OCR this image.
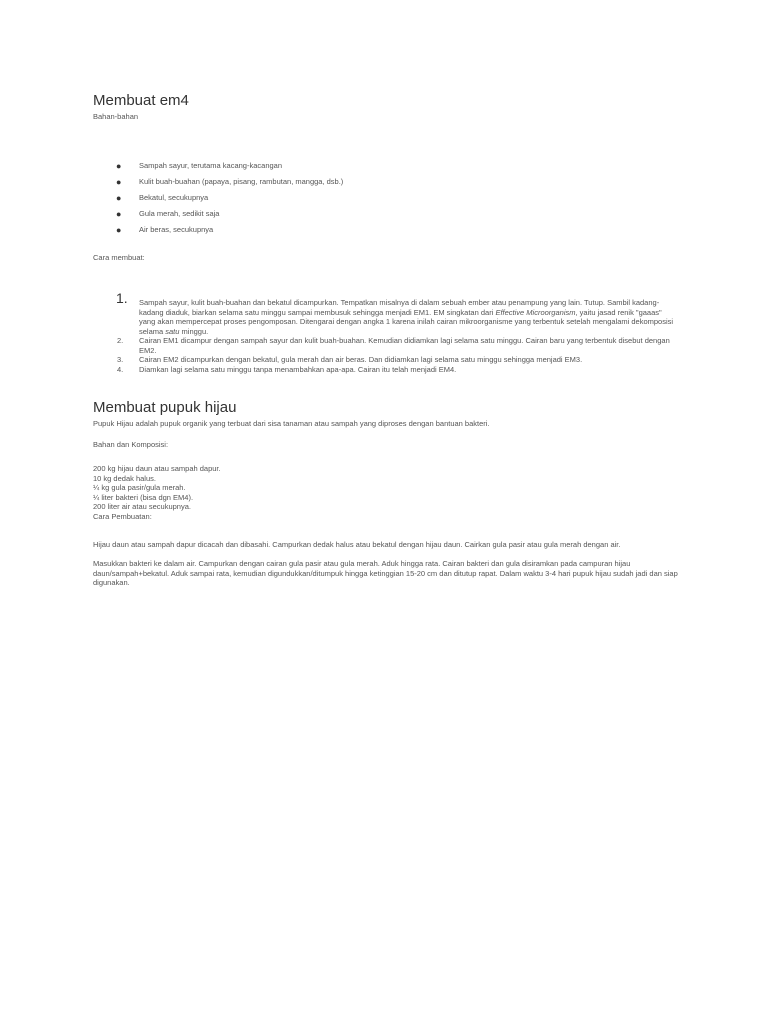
Membuat em4
Bahan-bahan
● Sampah sayur, terutama kacang-kacangan
● Kulit buah-buahan (papaya, pisang, rambutan, mangga, dsb.)
● Bekatul, secukupnya
● Gula merah, sedikit saja
● Air beras, secukupnya
Cara membuat:
1. Sampah sayur, kulit buah-buahan dan bekatul dicampurkan. Tempatkan misalnya di dalam sebuah ember atau penampung yang lain. Tutup. Sambil kadang-kadang diaduk, biarkan selama satu minggu sampai membusuk sehingga menjadi EM1. EM singkatan dari Effective Microorganism, yaitu jasad renik "gaaas" yang akan mempercepat proses pengomposan. Ditengarai dengan angka 1 karena inilah cairan mikroorganisme yang terbentuk setelah mengalami dekomposisi selama satu minggu.
2. Cairan EM1 dicampur dengan sampah sayur dan kulit buah-buahan. Kemudian didiamkan lagi selama satu minggu. Cairan baru yang terbentuk disebut dengan EM2.
3. Cairan EM2 dicampurkan dengan bekatul, gula merah dan air beras. Dan didiamkan lagi selama satu minggu sehingga menjadi EM3.
4. Diamkan lagi selama satu minggu tanpa menambahkan apa-apa. Cairan itu telah menjadi EM4.
Membuat pupuk hijau
Pupuk Hijau adalah pupuk organik yang terbuat dari sisa tanaman atau sampah yang diproses dengan bantuan bakteri.
Bahan dan Komposisi:
200 kg hijau daun atau sampah dapur.
10 kg dedak halus.
¼ kg gula pasir/gula merah.
¼ liter bakteri (bisa dgn EM4).
200 liter air atau secukupnya.
Cara Pembuatan:
Hijau daun atau sampah dapur dicacah dan dibasahi. Campurkan dedak halus atau bekatul dengan hijau daun. Cairkan gula pasir atau gula merah dengan air.
Masukkan bakteri ke dalam air. Campurkan dengan cairan gula pasir atau gula merah. Aduk hingga rata. Cairan bakteri dan gula disiramkan pada campuran hijau daun/sampah+bekatul. Aduk sampai rata, kemudian digundukkan/ditumpuk hingga ketinggian 15-20 cm dan ditutup rapat. Dalam waktu 3-4 hari pupuk hijau sudah jadi dan siap digunakan.
